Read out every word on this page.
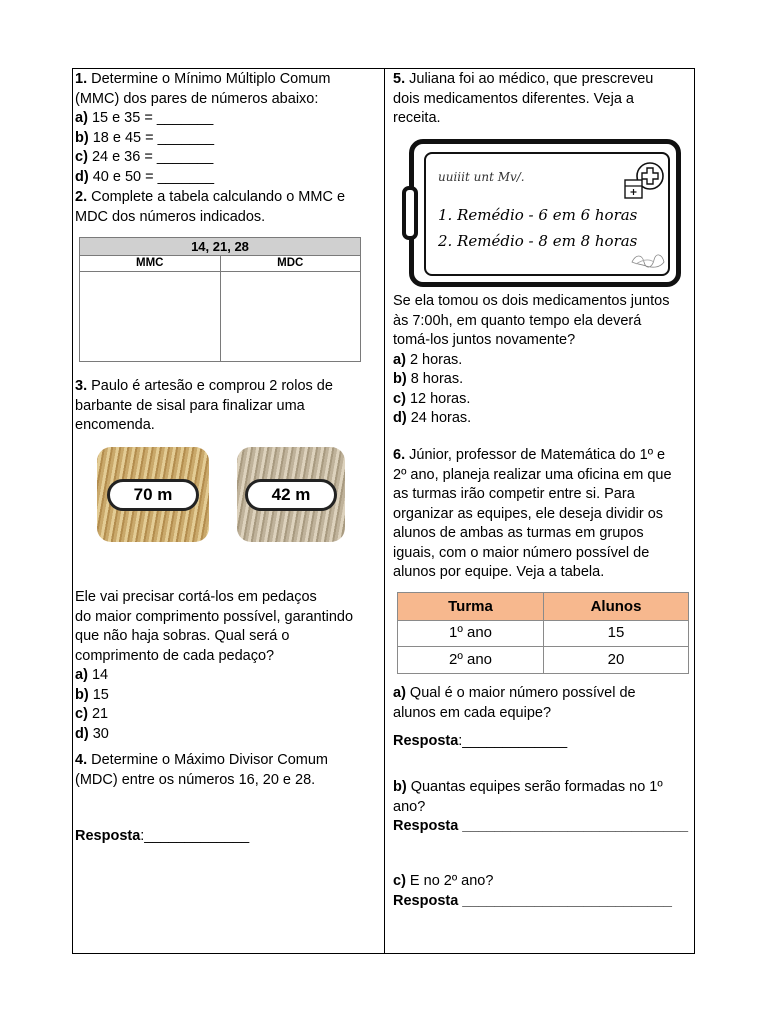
1. Determine o Mínimo Múltiplo Comum
(MMC) dos pares de números abaixo:
a) 15 e 35 = _______
b) 18 e 45 = _______
c) 24 e 36 = _______
d) 40 e 50 = _______
2. Complete a tabela calculando o MMC e
MDC dos números indicados.
14, 21, 28
MMC	MDC
3. Paulo é artesão e comprou 2 rolos de
barbante de sisal para finalizar uma
encomenda.
70 m	42 m
Ele vai precisar cortá-los em pedaços
do maior comprimento possível, garantindo
que não haja sobras. Qual será o
comprimento de cada pedaço?
a) 14
b) 15
c) 21
d) 30
4. Determine o Máximo Divisor Comum
(MDC) entre os números 16, 20 e 28.
Resposta:_____________
5. Juliana foi ao médico, que prescreveu
dois medicamentos diferentes. Veja a
receita.
uuiiit unt Mv/.
1. Remédio - 6 em 6 horas
2. Remédio - 8 em 8 horas
Se ela tomou os dois medicamentos juntos
às 7:00h, em quanto tempo ela deverá
tomá-los juntos novamente?
a) 2 horas.
b) 8 horas.
c) 12 horas.
d) 24 horas.
6. Júnior, professor de Matemática do 1º e
2º ano, planeja realizar uma oficina em que
as turmas irão competir entre si. Para
organizar as equipes, ele deseja dividir os
alunos de ambas as turmas em grupos
iguais, com o maior número possível de
alunos por equipe. Veja a tabela.
Turma	Alunos
1º ano	15
2º ano	20
a) Qual é o maior número possível de
alunos em cada equipe?
Resposta:_____________
b) Quantas equipes serão formadas no 1º
ano?
Resposta ____________________________
c) E no 2º ano?
Resposta __________________________
